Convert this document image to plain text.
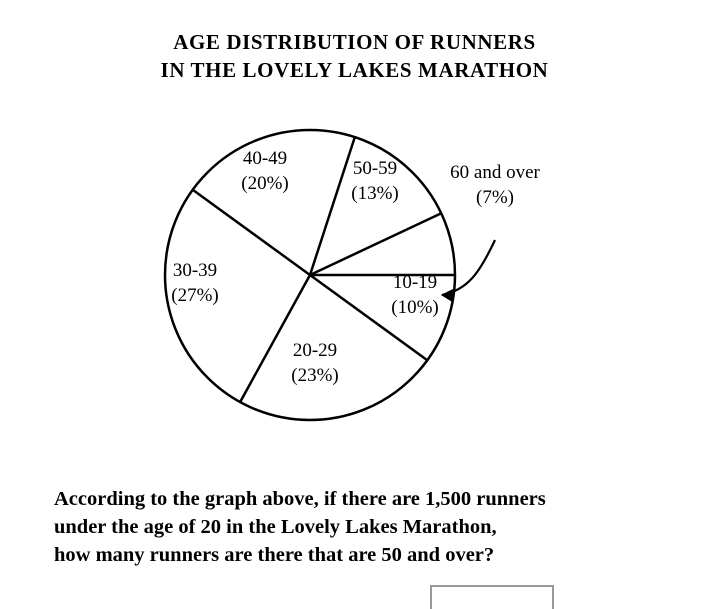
AGE DISTRIBUTION OF RUNNERS
IN THE LOVELY LAKES MARATHON
10-19
(10%)
20-29
(23%)
30-39
(27%)
40-49
(20%)
50-59
(13%)
60 and over
(7%)
According to the graph above, if there are 1,500 runners
under the age of 20 in the Lovely Lakes Marathon,
how many runners are there that are 50 and over?
